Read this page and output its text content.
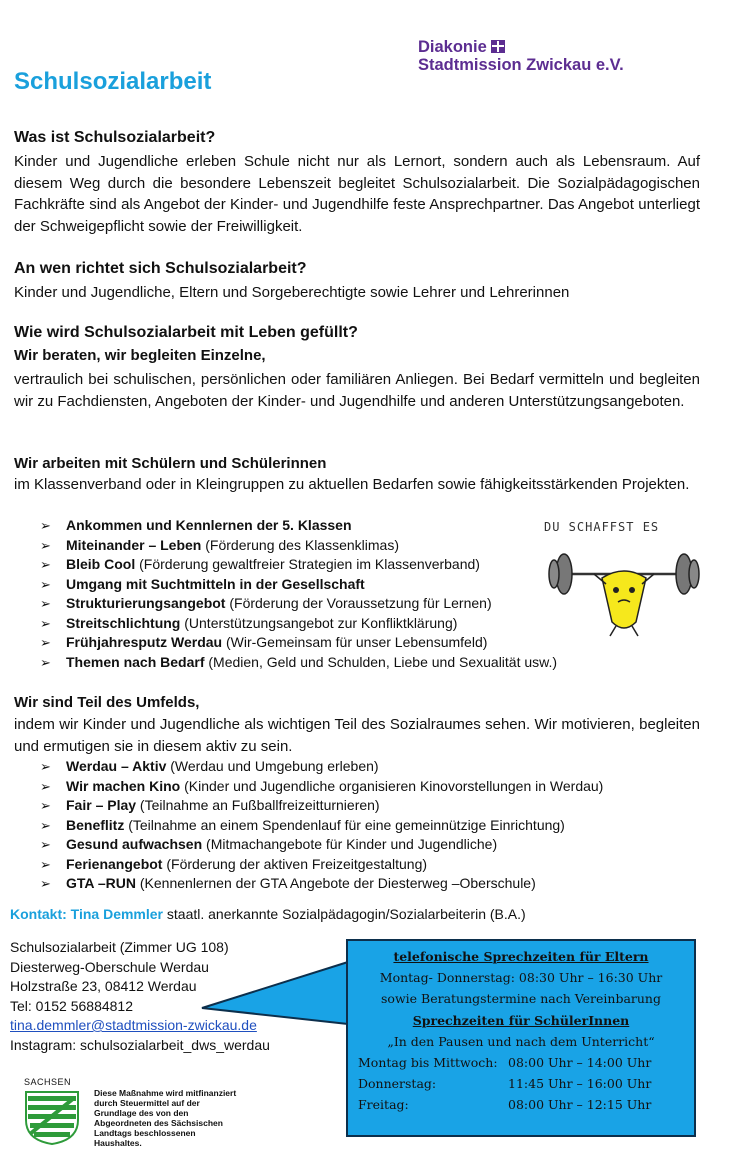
Diakonie
Stadtmission Zwickau e.V.
Schulsozialarbeit
Was ist Schulsozialarbeit?
Kinder und Jugendliche erleben Schule nicht nur als Lernort, sondern auch als Lebensraum. Auf diesem Weg durch die besondere Lebenszeit begleitet Schulsozialarbeit. Die Sozialpädagogischen Fachkräfte sind als Angebot der Kinder- und Jugendhilfe feste Ansprechpartner. Das Angebot unterliegt der Schweigepflicht sowie der Freiwilligkeit.
An wen richtet sich Schulsozialarbeit?
Kinder und Jugendliche, Eltern und Sorgeberechtigte sowie Lehrer und Lehrerinnen
Wie wird Schulsozialarbeit mit Leben gefüllt?
Wir beraten, wir begleiten Einzelne,
vertraulich bei schulischen, persönlichen oder familiären Anliegen. Bei Bedarf vermitteln und begleiten wir zu Fachdiensten, Angeboten der Kinder- und Jugendhilfe und anderen Unterstützungsangeboten.
Wir arbeiten mit Schülern und Schülerinnen
im Klassenverband oder in Kleingruppen zu aktuellen Bedarfen sowie fähigkeitsstärkenden Projekten.
➢ Ankommen und Kennlernen der 5. Klassen
➢ Miteinander – Leben (Förderung des Klassenklimas)
➢ Bleib Cool (Förderung gewaltfreier Strategien im Klassenverband)
➢ Umgang mit Suchtmitteln in der Gesellschaft
➢ Strukturierungsangebot (Förderung der Voraussetzung für Lernen)
➢ Streitschlichtung (Unterstützungsangebot zur Konfliktklärung)
➢ Frühjahresputz Werdau (Wir-Gemeinsam für unser Lebensumfeld)
➢ Themen nach Bedarf (Medien, Geld und Schulden, Liebe und Sexualität usw.)
DU SCHAFFST ES
Wir sind Teil des Umfelds,
indem wir Kinder und Jugendliche als wichtigen Teil des Sozialraumes sehen. Wir motivieren, begleiten und ermutigen sie in diesem aktiv zu sein.
➢ Werdau – Aktiv (Werdau und Umgebung erleben)
➢ Wir machen Kino (Kinder und Jugendliche organisieren Kinovorstellungen in Werdau)
➢ Fair – Play (Teilnahme an Fußballfreizeitturnieren)
➢ Beneflitz (Teilnahme an einem Spendenlauf für eine gemeinnützige Einrichtung)
➢ Gesund aufwachsen (Mitmachangebote für Kinder und Jugendliche)
➢ Ferienangebot (Förderung der aktiven Freizeitgestaltung)
➢ GTA –RUN (Kennenlernen der GTA Angebote der Diesterweg –Oberschule)
Kontakt: Tina Demmler staatl. anerkannte Sozialpädagogin/Sozialarbeiterin (B.A.)
Schulsozialarbeit (Zimmer UG 108)
Diesterweg-Oberschule Werdau
Holzstraße 23, 08412 Werdau
Tel: 0152 56884812
tina.demmler@stadtmission-zwickau.de
Instagram: schulsozialarbeit_dws_werdau
telefonische Sprechzeiten für Eltern
Montag- Donnerstag: 08:30 Uhr – 16:30 Uhr
sowie Beratungstermine nach Vereinbarung
Sprechzeiten für SchülerInnen
„In den Pausen und nach dem Unterricht“
Montag bis Mittwoch: 08:00 Uhr – 14:00 Uhr
Donnerstag:	11:45 Uhr – 16:00 Uhr
Freitag:	08:00 Uhr – 12:15 Uhr
SACHSEN
Diese Maßnahme wird mitfinanziert durch Steuermittel auf der Grundlage des von den Abgeordneten des Sächsischen Landtags beschlossenen Haushaltes.
